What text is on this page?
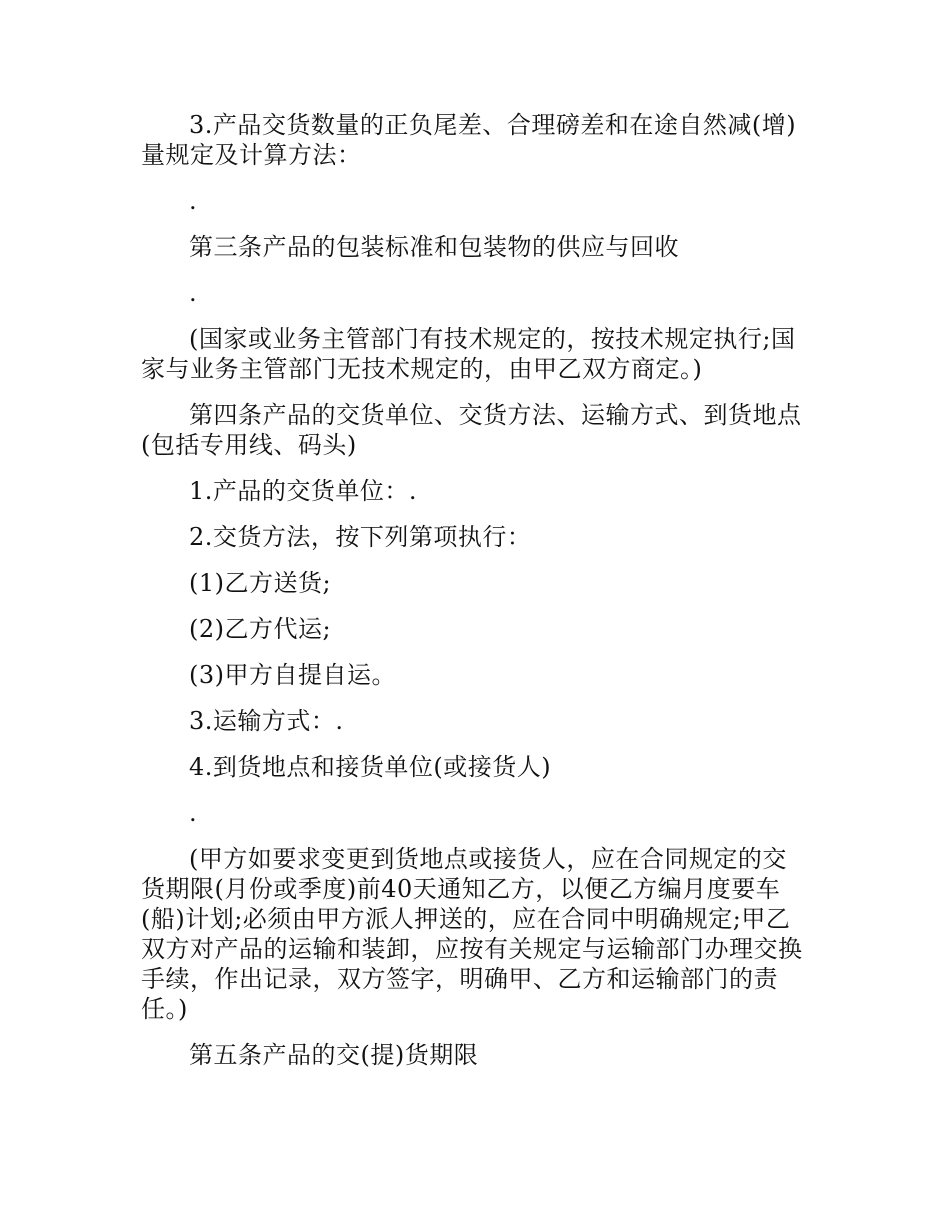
3.产品交货数量的正负尾差、合理磅差和在途自然减(增)量规定及计算方法：

.

第三条产品的包装标准和包装物的供应与回收

.

(国家或业务主管部门有技术规定的，按技术规定执行;国家与业务主管部门无技术规定的，由甲乙双方商定。)

第四条产品的交货单位、交货方法、运输方式、到货地点(包括专用线、码头)

1.产品的交货单位：.

2.交货方法，按下列第项执行：

(1)乙方送货;

(2)乙方代运;

(3)甲方自提自运。

3.运输方式：.

4.到货地点和接货单位(或接货人)

.

(甲方如要求变更到货地点或接货人，应在合同规定的交货期限(月份或季度)前40天通知乙方，以便乙方编月度要车(船)计划;必须由甲方派人押送的，应在合同中明确规定;甲乙双方对产品的运输和装卸，应按有关规定与运输部门办理交换手续，作出记录，双方签字，明确甲、乙方和运输部门的责任。)

第五条产品的交(提)货期限
